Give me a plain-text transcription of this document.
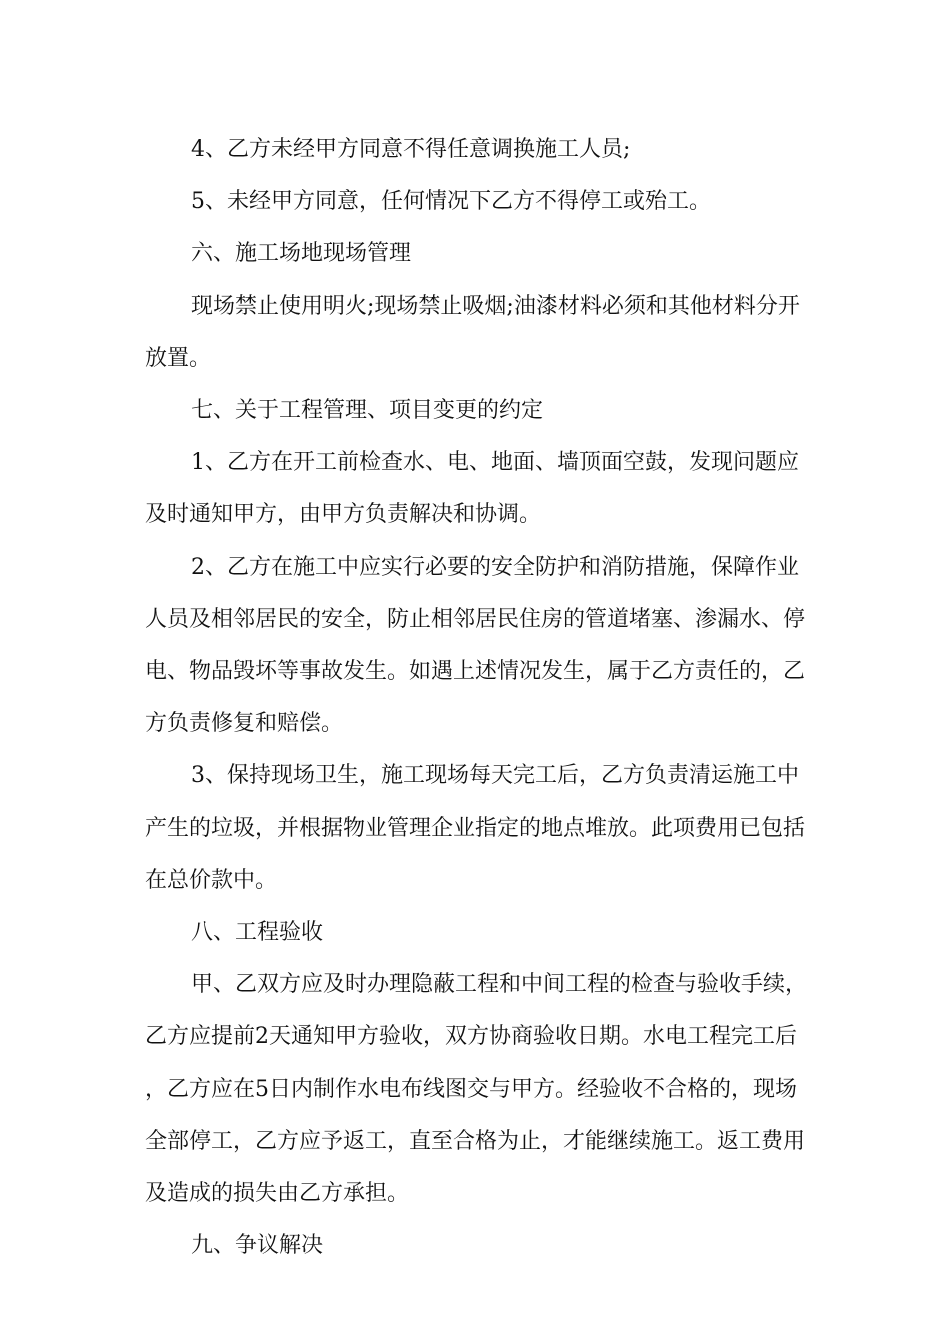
4、乙方未经甲方同意不得任意调换施工人员;

5、未经甲方同意，任何情况下乙方不得停工或殆工。

六、施工场地现场管理

现场禁止使用明火;现场禁止吸烟;油漆材料必须和其他材料分开放置。

七、关于工程管理、项目变更的约定

1、乙方在开工前检查水、电、地面、墙顶面空鼓，发现问题应及时通知甲方，由甲方负责解决和协调。

2、乙方在施工中应实行必要的安全防护和消防措施，保障作业人员及相邻居民的安全，防止相邻居民住房的管道堵塞、渗漏水、停电、物品毁坏等事故发生。如遇上述情况发生，属于乙方责任的，乙方负责修复和赔偿。

3、保持现场卫生，施工现场每天完工后，乙方负责清运施工中产生的垃圾，并根据物业管理企业指定的地点堆放。此项费用已包括在总价款中。

八、工程验收

甲、乙双方应及时办理隐蔽工程和中间工程的检查与验收手续，乙方应提前2天通知甲方验收，双方协商验收日期。水电工程完工后，乙方应在5日内制作水电布线图交与甲方。经验收不合格的，现场全部停工，乙方应予返工，直至合格为止，才能继续施工。返工费用及造成的损失由乙方承担。

九、争议解决
